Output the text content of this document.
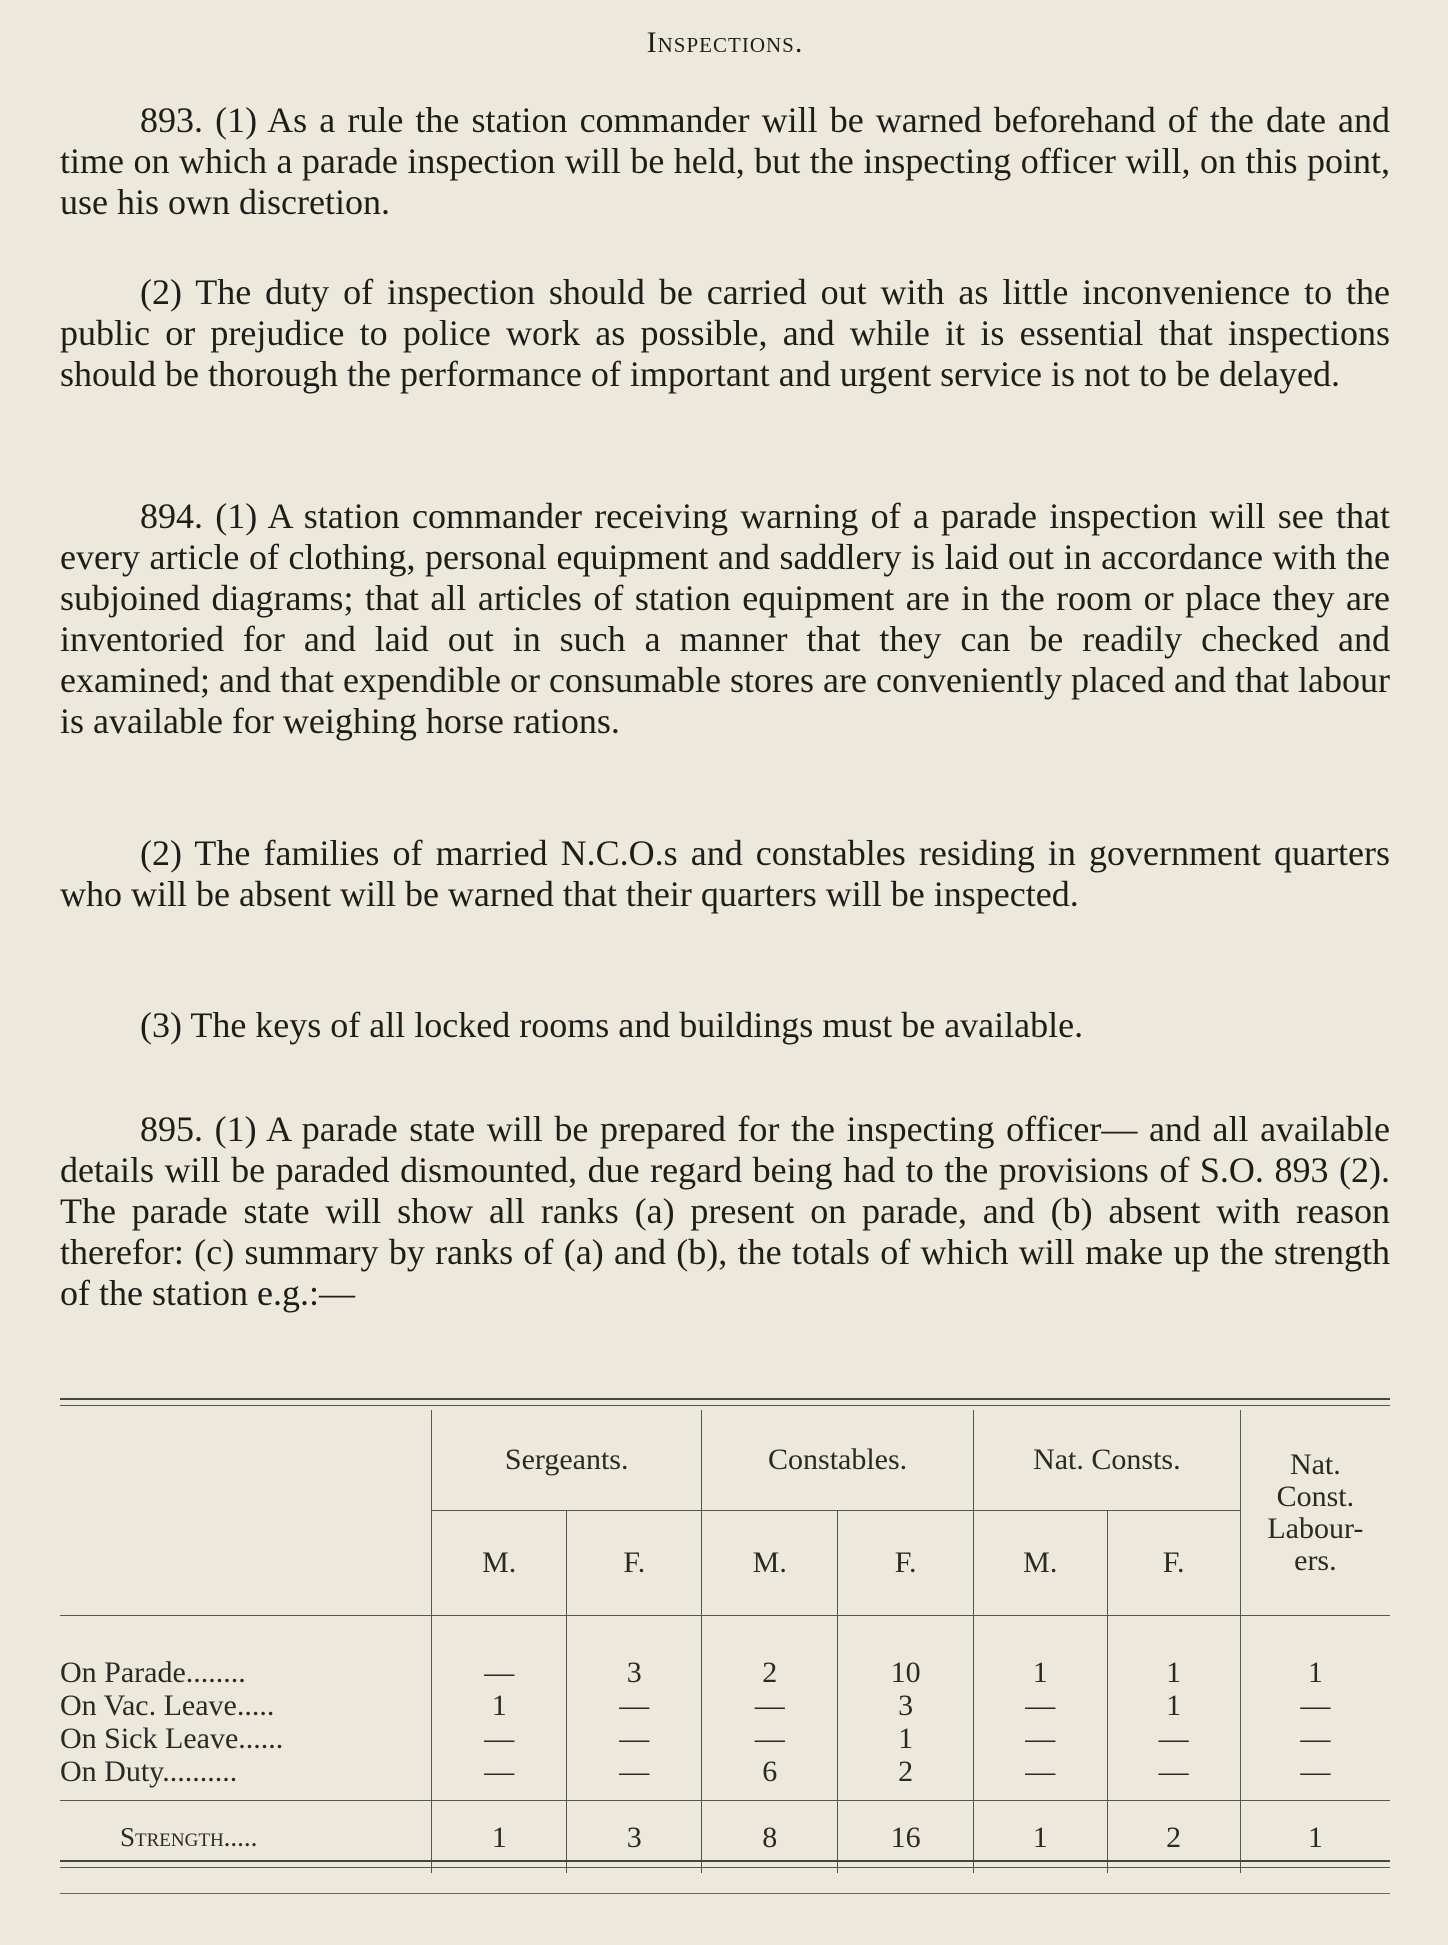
Inspections.

893. (1) As a rule the station commander will be warned beforehand of the date and time on which a parade inspection will be held, but the inspecting officer will, on this point, use his own discretion.

(2) The duty of inspection should be carried out with as little inconvenience to the public or prejudice to police work as possible, and while it is essential that inspections should be thorough the performance of important and urgent service is not to be delayed.

894. (1) A station commander receiving warning of a parade inspection will see that every article of clothing, personal equipment and saddlery is laid out in accordance with the subjoined diagrams; that all articles of station equipment are in the room or place they are inventoried for and laid out in such a manner that they can be readily checked and examined; and that expendible or consumable stores are conveniently placed and that labour is available for weighing horse rations.

(2) The families of married N.C.O.s and constables residing in government quarters who will be absent will be warned that their quarters will be inspected.

(3) The keys of all locked rooms and buildings must be available.

895. (1) A parade state will be prepared for the inspecting officer— and all available details will be paraded dismounted, due regard being had to the provisions of S.O. 893 (2). The parade state will show all ranks (a) present on parade, and (b) absent with reason therefor: (c) summary by ranks of (a) and (b), the totals of which will make up the strength of the station e.g.:—

	Sergeants.		Constables.		Nat. Consts.		Nat.
Const.
Labour-
ers.

	M.	F.	M.	F.	M.	F.	
On Parade........	—	3	2	10	1	1	1
On Vac. Leave.....	1	—	—	3	—	1	—
On Sick Leave......	—	—	—	1	—	—	—
On Duty..........	—	—	6	2	—	—	—
Strength.....	1	3	8	16	1	2	1
